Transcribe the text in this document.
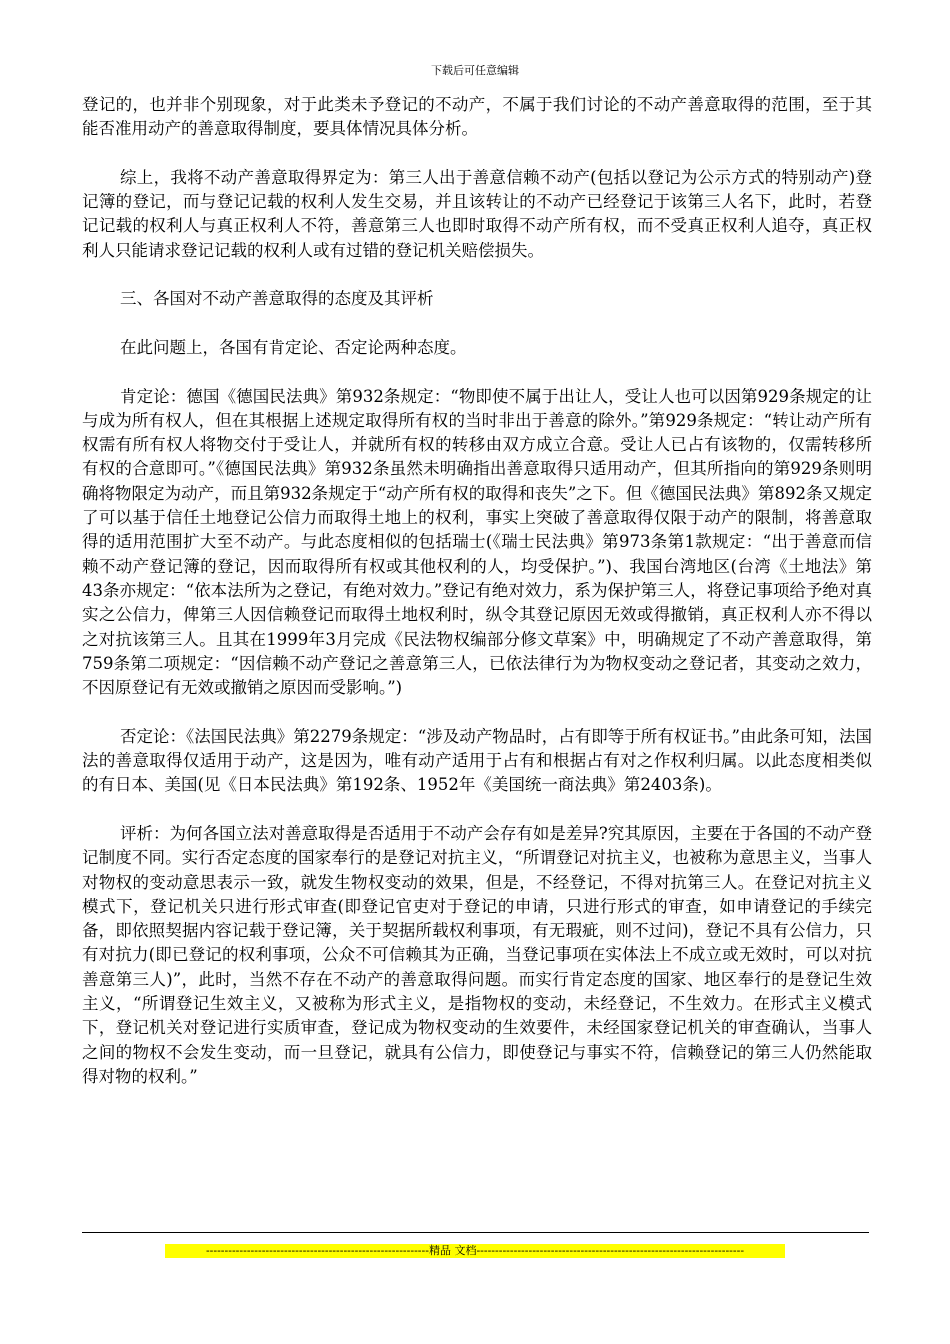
下载后可任意编辑

登记的，也并非个别现象，对于此类未予登记的不动产，不属于我们讨论的不动产善意取得的范围，至于其能否准用动产的善意取得制度，要具体情况具体分析。

综上，我将不动产善意取得界定为：第三人出于善意信赖不动产(包括以登记为公示方式的特别动产)登记簿的登记，而与登记记载的权利人发生交易，并且该转让的不动产已经登记于该第三人名下，此时，若登记记载的权利人与真正权利人不符，善意第三人也即时取得不动产所有权，而不受真正权利人追夺，真正权利人只能请求登记记载的权利人或有过错的登记机关赔偿损失。

三、各国对不动产善意取得的态度及其评析

在此问题上，各国有肯定论、否定论两种态度。

肯定论：德国《德国民法典》第932条规定：“物即使不属于出让人，受让人也可以因第929条规定的让与成为所有权人，但在其根据上述规定取得所有权的当时非出于善意的除外。”第929条规定：“转让动产所有权需有所有权人将物交付于受让人，并就所有权的转移由双方成立合意。受让人已占有该物的，仅需转移所有权的合意即可。”《德国民法典》第932条虽然未明确指出善意取得只适用动产，但其所指向的第929条则明确将物限定为动产，而且第932条规定于“动产所有权的取得和丧失”之下。但《德国民法典》第892条又规定了可以基于信任土地登记公信力而取得土地上的权利，事实上突破了善意取得仅限于动产的限制，将善意取得的适用范围扩大至不动产。与此态度相似的包括瑞士(《瑞士民法典》第973条第1款规定：“出于善意而信赖不动产登记簿的登记，因而取得所有权或其他权利的人，均受保护。”)、我国台湾地区(台湾《土地法》第43条亦规定：“依本法所为之登记，有绝对效力。”登记有绝对效力，系为保护第三人，将登记事项给予绝对真实之公信力，俾第三人因信赖登记而取得土地权利时，纵令其登记原因无效或得撤销，真正权利人亦不得以之对抗该第三人。且其在1999年3月完成《民法物权编部分修文草案》中，明确规定了不动产善意取得，第759条第二项规定：“因信赖不动产登记之善意第三人，已依法律行为为物权变动之登记者，其变动之效力，不因原登记有无效或撤销之原因而受影响。”)

否定论：《法国民法典》第2279条规定：“涉及动产物品时，占有即等于所有权证书。”由此条可知，法国法的善意取得仅适用于动产，这是因为，唯有动产适用于占有和根据占有对之作权利归属。以此态度相类似的有日本、美国(见《日本民法典》第192条、1952年《美国统一商法典》第2403条)。

评析：为何各国立法对善意取得是否适用于不动产会存有如是差异?究其原因，主要在于各国的不动产登记制度不同。实行否定态度的国家奉行的是登记对抗主义，“所谓登记对抗主义，也被称为意思主义，当事人对物权的变动意思表示一致，就发生物权变动的效果，但是，不经登记，不得对抗第三人。在登记对抗主义模式下，登记机关只进行形式审查(即登记官吏对于登记的申请，只进行形式的审查，如申请登记的手续完备，即依照契据内容记载于登记簿，关于契据所载权利事项，有无瑕疵，则不过问)，登记不具有公信力，只有对抗力(即已登记的权利事项，公众不可信赖其为正确，当登记事项在实体法上不成立或无效时，可以对抗善意第三人)”，此时，当然不存在不动产的善意取得问题。而实行肯定态度的国家、地区奉行的是登记生效主义，“所谓登记生效主义，又被称为形式主义，是指物权的变动，未经登记，不生效力。在形式主义模式下，登记机关对登记进行实质审查，登记成为物权变动的生效要件，未经国家登记机关的审查确认，当事人之间的物权不会发生变动，而一旦登记，就具有公信力，即使登记与事实不符，信赖登记的第三人仍然能取得对物的权利。”

------------------------------------------------------------精品 文档------------------------------------------------------------------------
